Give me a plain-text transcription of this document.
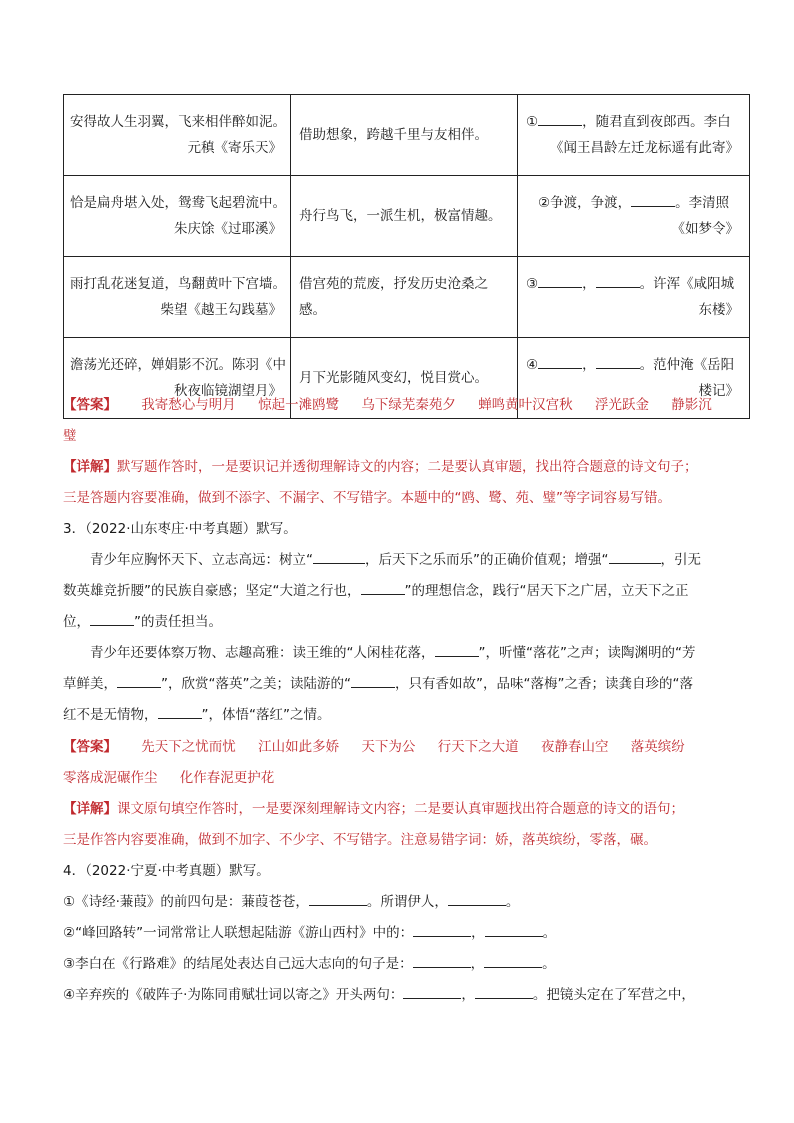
安得故人生羽翼，飞来相伴醉如泥。
元稹《寄乐天》	借助想象，跨越千里与友相伴。	① ，随君直到夜郎西。李白
《闻王昌龄左迁龙标遥有此寄》

恰是扁舟堪入处，鸳鸯飞起碧流中。
朱庆馀《过耶溪》	舟行鸟飞，一派生机，极富情趣。	②争渡，争渡， 。李清照
《如梦令》

雨打乱花迷复道，鸟翻黄叶下宫墙。
柴望《越王勾践墓》	借宫苑的荒废，抒发历史沧桑之感。	③ ， 。许浑《咸阳城
东楼》

澹荡光还碎，婵娟影不沉。陈羽《中
秋夜临镜湖望月》	月下光影随风变幻，悦目赏心。	④ ， 。范仲淹《岳阳
楼记》
【答案】 我寄愁心与明月 惊起一滩鸥鹭 乌下绿芜秦苑夕 蝉鸣黄叶汉宫秋 浮光跃金 静影沉
璧
【详解】默写题作答时，一是要识记并透彻理解诗文的内容；二是要认真审题，找出符合题意的诗文句子；
三是答题内容要准确，做到不添字、不漏字、不写错字。本题中的“鸥、鹭、苑、璧”等字词容易写错。
3．（2022·山东枣庄·中考真题）默写。
青少年应胸怀天下、立志高远：树立“	，后天下之乐而乐”的正确价值观；增强“	，引无
数英雄竞折腰”的民族自豪感；坚定“大道之行也，	”的理想信念，践行“居天下之广居，立天下之正
位，	”的责任担当。
青少年还要体察万物、志趣高雅：读王维的“人闲桂花落，	”，听懂“落花”之声；读陶渊明的“芳
草鲜美，	”，欣赏“落英”之美；读陆游的“	，只有香如故”，品味“落梅”之香；读龚自珍的“落
红不是无情物，	”，体悟“落红”之情。
【答案】 先天下之忧而忧 江山如此多娇 天下为公 行天下之大道 夜静春山空 落英缤纷
零落成泥碾作尘 化作春泥更护花
【详解】课文原句填空作答时，一是要深刻理解诗文内容；二是要认真审题找出符合题意的诗文的语句；
三是作答内容要准确，做到不加字、不少字、不写错字。注意易错字词：娇，落英缤纷，零落，碾。
4．（2022·宁夏·中考真题）默写。
①《诗经·蒹葭》的前四句是：蒹葭苍苍，	。所谓伊人，	。
②“峰回路转”一词常常让人联想起陆游《游山西村》中的：	，	。
③李白在《行路难》的结尾处表达自己远大志向的句子是：	，	。
④辛弃疾的《破阵子·为陈同甫赋壮词以寄之》开头两句：	，	。把镜头定在了军营之中，
